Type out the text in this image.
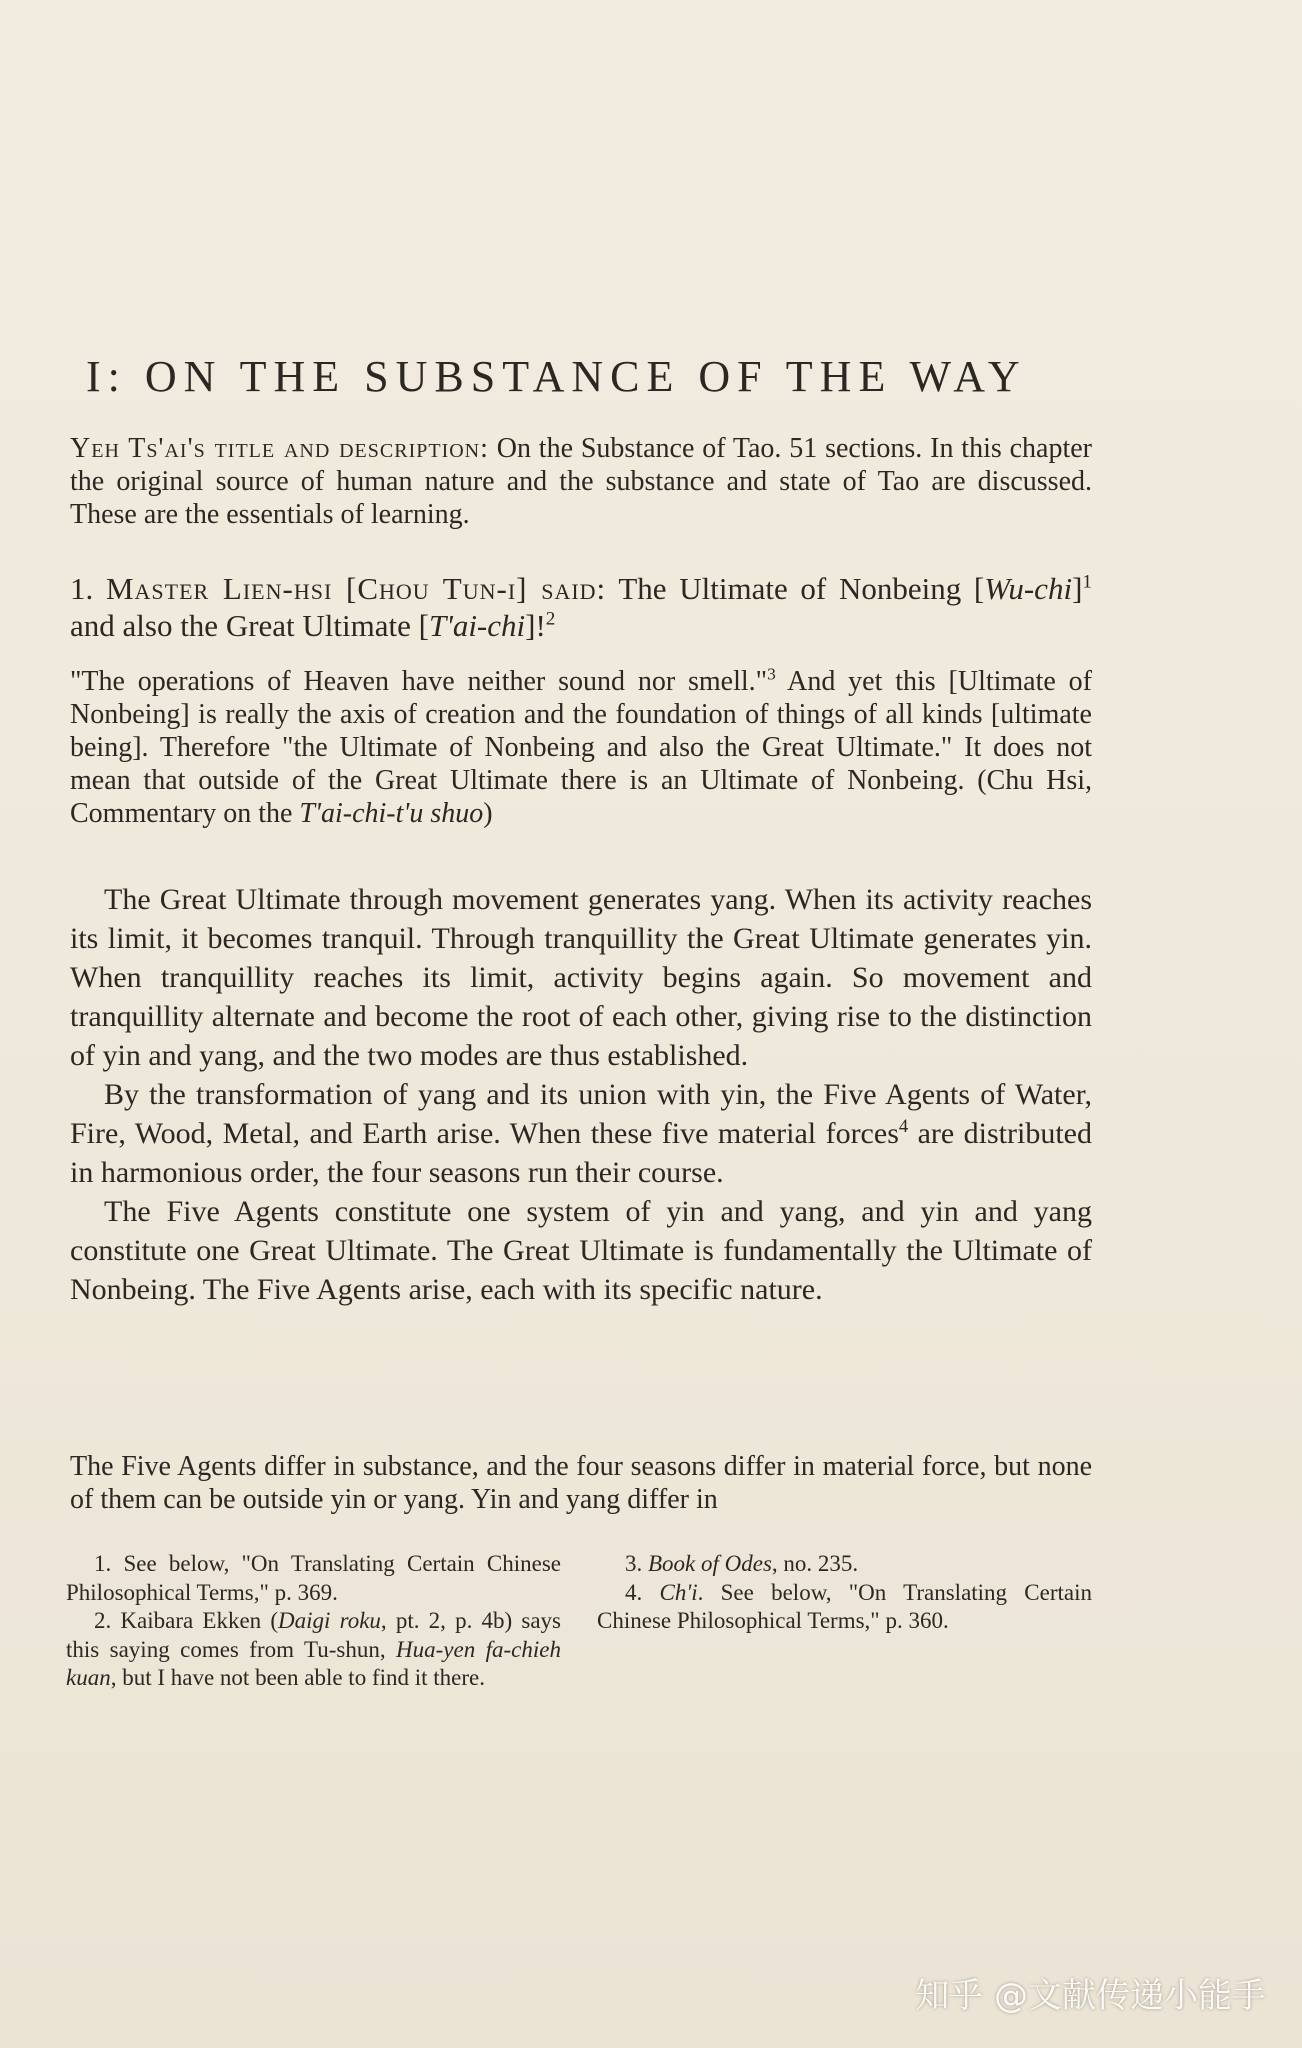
I: ON THE SUBSTANCE OF THE WAY
Yeh Ts'ai's title and description: On the Substance of Tao. 51 sections. In this chapter the original source of human nature and the substance and state of Tao are discussed. These are the essentials of learning.
1. Master Lien-hsi [Chou Tun-i] said: The Ultimate of Nonbeing $[Wu-chi]^1$ and also the Great Ultimate [T'ai-chi]!$^2$
"The operations of Heaven have neither sound nor smell."$^3$ And yet this [Ultimate of Nonbeing] is really the axis of creation and the foundation of things of all kinds [ultimate being]. Therefore "the Ultimate of Nonbeing and also the Great Ultimate." It does not mean that outside of the Great Ultimate there is an Ultimate of Nonbeing. (Chu Hsi, Commentary on the T'ai-chi-t'u shuo)

The Great Ultimate through movement generates yang. When its activity reaches its limit, it becomes tranquil. Through tranquillity the Great Ultimate generates yin. When tranquillity reaches its limit, activity begins again. So movement and tranquillity alternate and become the root of each other, giving rise to the distinction of yin and yang, and the two modes are thus established.

By the transformation of yang and its union with yin, the Five Agents of Water, Fire, Wood, Metal, and Earth arise. When these five material forces$^4$ are distributed in harmonious order, the four seasons run their course.

The Five Agents constitute one system of yin and yang, and yin and yang constitute one Great Ultimate. The Great Ultimate is fundamentally the Ultimate of Nonbeing. The Five Agents arise, each with its specific nature.

The Five Agents differ in substance, and the four seasons differ in material force, but none of them can be outside yin or yang. Yin and yang differ in

1. See below, "On Translating Certain Chinese Philosophical Terms," p. 369.

2. Kaibara Ekken (Daigi roku, pt. 2, p. 4b) says this saying comes from Tu-shun, Hua-yen fa-chieh kuan, but I have not been able to find it there.

3. Book of Odes, no. 235.

4. Ch'i. See below, "On Translating Certain Chinese Philosophical Terms," p. 360.

知乎 @文献传递小能手
